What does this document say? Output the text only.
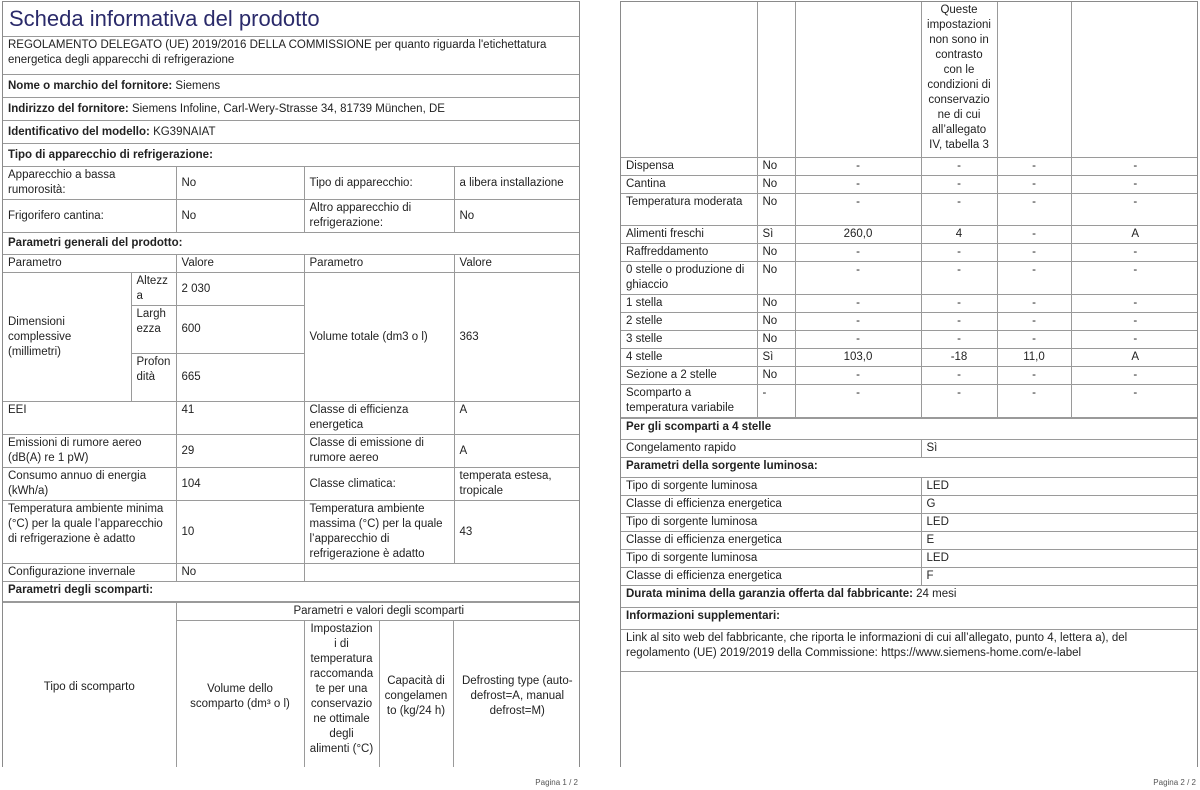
Scheda informativa del prodotto				
REGOLAMENTO DELEGATO (UE) 2019/2016 DELLA COMMISSIONE per quanto riguarda l'etichettatura energetica degli apparecchi di refrigerazione				
Nome o marchio del fornitore: Siemens				
Indirizzo del fornitore: Siemens Infoline, Carl-Wery-Strasse 34, 81739 München, DE				
Identificativo del modello: KG39NAIAT				
Tipo di apparecchio di refrigerazione:				
Apparecchio a bassa rumorosità:		No	Tipo di apparecchio:	a libera installazione
Frigorifero cantina:		No	Altro apparecchio di refrigerazione:	No
Parametri generali del prodotto:				
Parametro		Valore	Parametro	Valore
Dimensioni complessive (millimetri)	Altezza	2 030	Volume totale (dm3 o l)	363
	Larghezza	600		
	Profondità	665		
EEI		41	Classe di efficienza energetica	A
Emissioni di rumore aereo (dB(A) re 1 pW)		29	Classe di emissione di rumore aereo	A
Consumo annuo di energia (kWh/a)		104	Classe climatica:	temperata estesa, tropicale
Temperatura ambiente minima (°C) per la quale l’apparecchio di refrigerazione è adatto		10	Temperatura ambiente massima (°C) per la quale l’apparecchio di refrigerazione è adatto	43
Configurazione invernale		No		
Parametri degli scomparti:				
Tipo di scomparto	Parametri e valori degli scomparti			
	Volume dello scomparto (dm³ o l)	Impostazioni di temperatura raccomandate per una conservazione ottimale degli alimenti (°C)	Capacità di congelamento (kg/24 h)	Defrosting type (auto-defrost=A, manual defrost=M)
Pagina 1 / 2
			Queste impostazioni non sono in contrasto con le condizioni di conservazione di cui all’allegato IV, tabella 3		
Dispensa	No	-	-	-	-
Cantina	No	-	-	-	-
Temperatura moderata	No	-	-	-	-
Alimenti freschi	Sì	260,0	4	-	A
Raffreddamento	No	-	-	-	-
0 stelle o produzione di ghiaccio	No	-	-	-	-
1 stella	No	-	-	-	-
2 stelle	No	-	-	-	-
3 stelle	No	-	-	-	-
4 stelle	Sì	103,0	-18	11,0	A
Sezione a 2 stelle	No	-	-	-	-
Scomparto a temperatura variabile	-	-	-	-	-
Per gli scomparti a 4 stelle	
Congelamento rapido	Sì
Parametri della sorgente luminosa:	
Tipo di sorgente luminosa	LED
Classe di efficienza energetica	G
Tipo di sorgente luminosa	LED
Classe di efficienza energetica	E
Tipo di sorgente luminosa	LED
Classe di efficienza energetica	F
Durata minima della garanzia offerta dal fabbricante: 24 mesi	
Informazioni supplementari:	
Link al sito web del fabbricante, che riporta le informazioni di cui all’allegato, punto 4, lettera a), del regolamento (UE) 2019/2019 della Commissione: https://www.siemens-home.com/e-label	
Pagina 2 / 2
